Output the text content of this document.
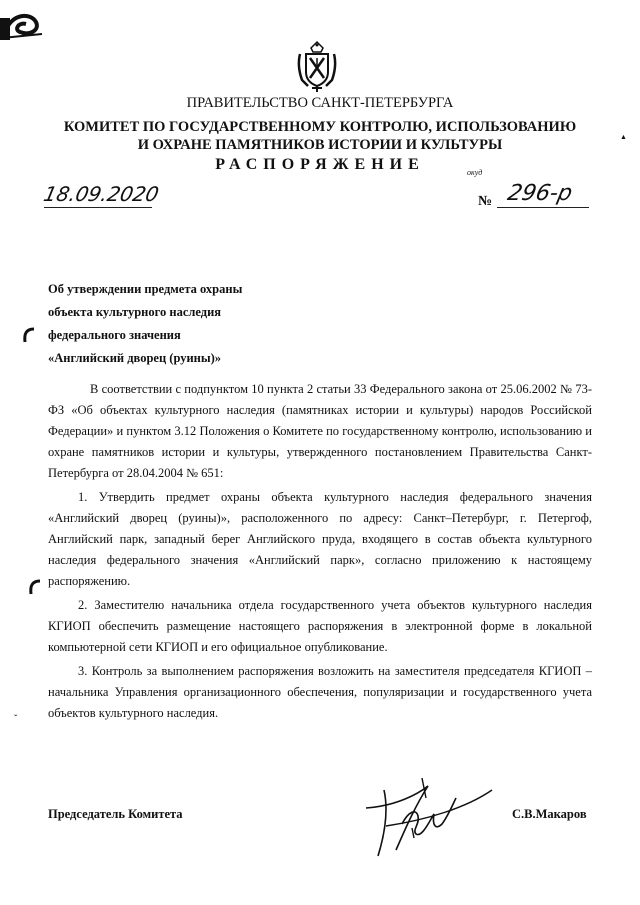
▲
ПРАВИТЕЛЬСТВО САНКТ-ПЕТЕРБУРГА
КОМИТЕТ ПО ГОСУДАРСТВЕННОМУ КОНТРОЛЮ, ИСПОЛЬЗОВАНИЮ
И ОХРАНЕ ПАМЯТНИКОВ ИСТОРИИ И КУЛЬТУРЫ
РАСПОРЯЖЕНИЕ	окуд
18.09.2020	№ 296-р
Об утверждении предмета охраны
объекта культурного наследия
федерального значения
«Английский дворец (руины)»
ˇ

В соответствии с подпунктом 10 пункта 2 статьи 33 Федерального закона от 25.06.2002 № 73-ФЗ «Об объектах культурного наследия (памятниках истории и культуры) народов Российской Федерации» и пунктом 3.12 Положения о Комитете по государственному контролю, использованию и охране памятников истории и культуры, утвержденного постановлением Правительства Санкт-Петербурга от 28.04.2004 № 651:

1. Утвердить предмет охраны объекта культурного наследия федерального значения «Английский дворец (руины)», расположенного по адресу: Санкт–Петербург, г. Петергоф, Английский парк, западный берег Английского пруда, входящего в состав объекта культурного наследия федерального значения «Английский парк», согласно приложению к настоящему распоряжению.

2. Заместителю начальника отдела государственного учета объектов культурного наследия КГИОП обеспечить размещение настоящего распоряжения в электронной форме в локальной компьютерной сети КГИОП и его официальное опубликование.

3. Контроль за выполнением распоряжения возложить на заместителя председателя КГИОП – начальника Управления организационного обеспечения, популяризации и государственного учета объектов культурного наследия.

Председатель Комитета	С.В.Макаров
